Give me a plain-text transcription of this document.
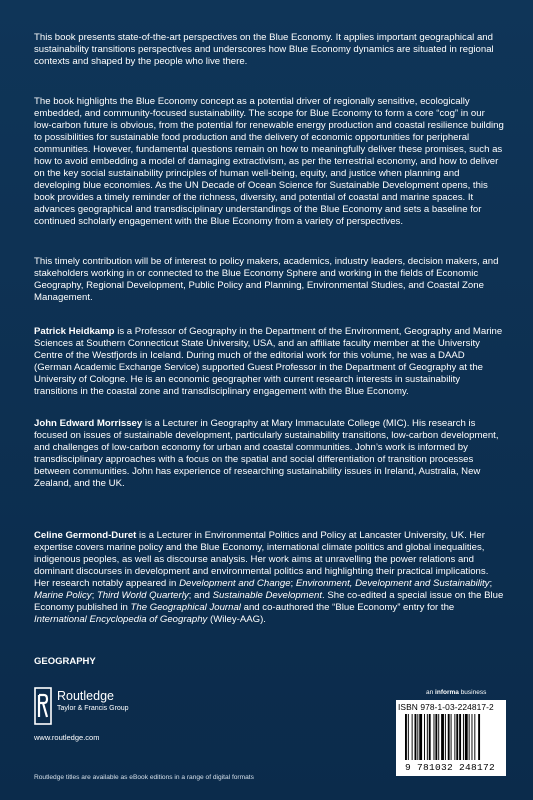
This book presents state-of-the-art perspectives on the Blue Economy. It applies important geographical and sustainability transitions perspectives and underscores how Blue Economy dynamics are situated in regional contexts and shaped by the people who live there.

The book highlights the Blue Economy concept as a potential driver of regionally sensitive, ecologically embedded, and community-focused sustainability. The scope for Blue Economy to form a core “cog” in our low-carbon future is obvious, from the potential for renewable energy production and coastal resilience building to possibilities for sustainable food production and the delivery of economic opportunities for peripheral communities. However, fundamental questions remain on how to meaningfully deliver these promises, such as how to avoid embedding a model of damaging extractivism, as per the terrestrial economy, and how to deliver on the key social sustainability principles of human well-being, equity, and justice when planning and developing blue economies. As the UN Decade of Ocean Science for Sustainable Development opens, this book provides a timely reminder of the richness, diversity, and potential of coastal and marine spaces. It advances geographical and transdisciplinary understandings of the Blue Economy and sets a baseline for continued scholarly engagement with the Blue Economy from a variety of perspectives.

This timely contribution will be of interest to policy makers, academics, industry leaders, decision makers, and stakeholders working in or connected to the Blue Economy Sphere and working in the fields of Economic Geography, Regional Development, Public Policy and Planning, Environmental Studies, and Coastal Zone Management.

Patrick Heidkamp is a Professor of Geography in the Department of the Environment, Geography and Marine Sciences at Southern Connecticut State University, USA, and an affiliate faculty member at the University Centre of the Westfjords in Iceland. During much of the editorial work for this volume, he was a DAAD (German Academic Exchange Service) supported Guest Professor in the Department of Geography at the University of Cologne. He is an economic geographer with current research interests in sustainability transitions in the coastal zone and transdisciplinary engagement with the Blue Economy.

John Edward Morrissey is a Lecturer in Geography at Mary Immaculate College (MIC). His research is focused on issues of sustainable development, particularly sustainability transitions, low-carbon development, and challenges of low-carbon economy for urban and coastal communities. John’s work is informed by transdisciplinary approaches with a focus on the spatial and social differentiation of transition processes between communities. John has experience of researching sustainability issues in Ireland, Australia, New Zealand, and the UK.

Celine Germond-Duret is a Lecturer in Environmental Politics and Policy at Lancaster University, UK. Her expertise covers marine policy and the Blue Economy, international climate politics and global inequalities, indigenous peoples, as well as discourse analysis. Her work aims at unravelling the power relations and dominant discourses in development and environmental politics and highlighting their practical implications. Her research notably appeared in Development and Change; Environment, Development and Sustainability; Marine Policy; Third World Quarterly; and Sustainable Development. She co-edited a special issue on the Blue Economy published in The Geographical Journal and co-authored the “Blue Economy” entry for the International Encyclopedia of Geography (Wiley-AAG).

GEOGRAPHY
Routledge
Taylor & Francis Group
www.routledge.com
an informa business
ISBN 978-1-03-224817-2
9 781032 248172
Routledge titles are available as eBook editions in a range of digital formats
